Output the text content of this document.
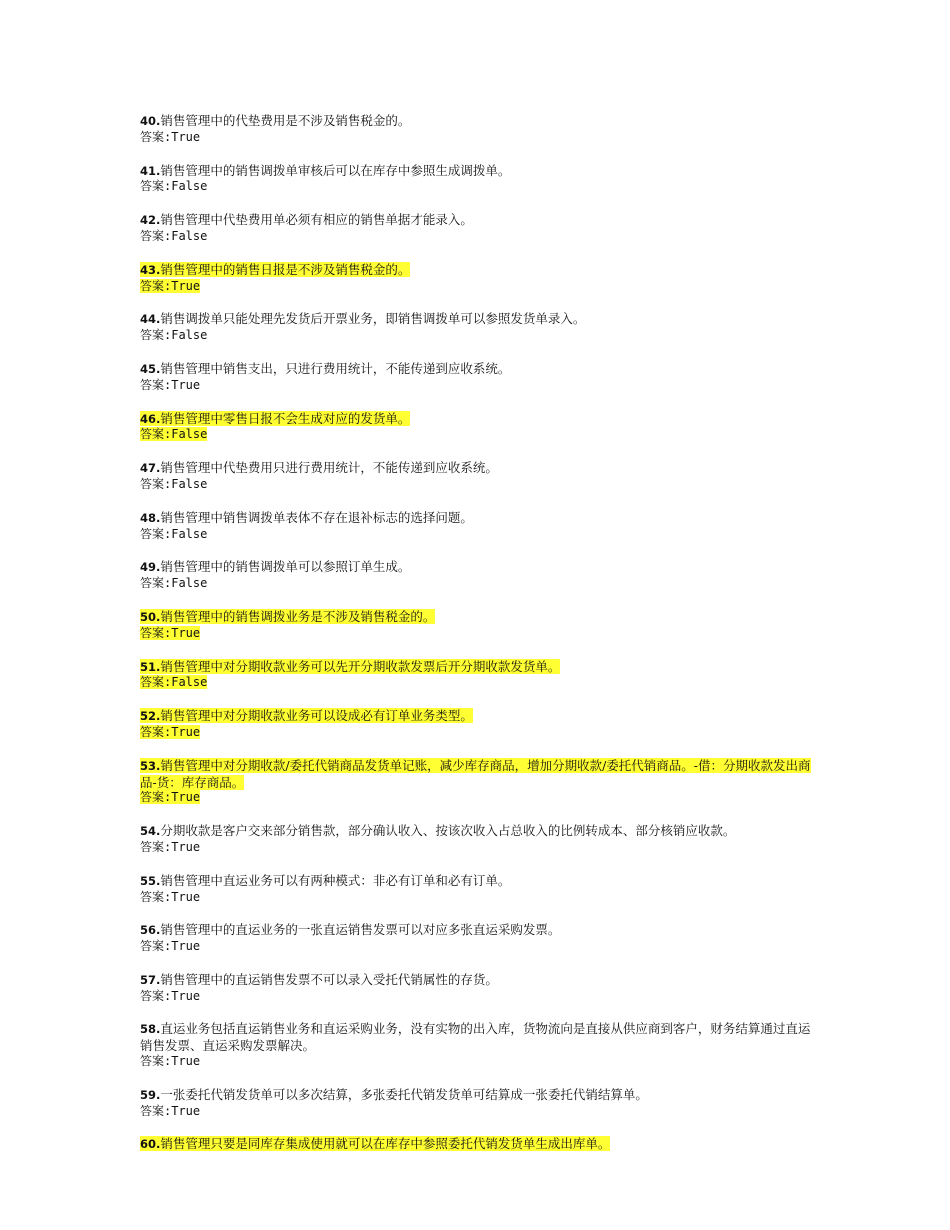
40.销售管理中的代垫费用是不涉及销售税金的。
答案:True
41.销售管理中的销售调拨单审核后可以在库存中参照生成调拨单。
答案:False
42.销售管理中代垫费用单必须有相应的销售单据才能录入。
答案:False
43.销售管理中的销售日报是不涉及销售税金的。
答案:True
44.销售调拨单只能处理先发货后开票业务，即销售调拨单可以参照发货单录入。
答案:False
45.销售管理中销售支出，只进行费用统计，不能传递到应收系统。
答案:True
46.销售管理中零售日报不会生成对应的发货单。
答案:False
47.销售管理中代垫费用只进行费用统计，不能传递到应收系统。
答案:False
48.销售管理中销售调拨单表体不存在退补标志的选择问题。
答案:False
49.销售管理中的销售调拨单可以参照订单生成。
答案:False
50.销售管理中的销售调拨业务是不涉及销售税金的。
答案:True
51.销售管理中对分期收款业务可以先开分期收款发票后开分期收款发货单。
答案:False
52.销售管理中对分期收款业务可以设成必有订单业务类型。
答案:True
53.销售管理中对分期收款/委托代销商品发货单记账，减少库存商品，增加分期收款/委托代销商品。-借：分期收款发出商品-货：库存商品。
答案:True
54.分期收款是客户交来部分销售款，部分确认收入、按该次收入占总收入的比例转成本、部分核销应收款。
答案:True
55.销售管理中直运业务可以有两种模式：非必有订单和必有订单。
答案:True
56.销售管理中的直运业务的一张直运销售发票可以对应多张直运采购发票。
答案:True
57.销售管理中的直运销售发票不可以录入受托代销属性的存货。
答案:True
58.直运业务包括直运销售业务和直运采购业务，没有实物的出入库，货物流向是直接从供应商到客户，财务结算通过直运销售发票、直运采购发票解决。
答案:True
59.一张委托代销发货单可以多次结算，多张委托代销发货单可结算成一张委托代销结算单。
答案:True
60.销售管理只要是同库存集成使用就可以在库存中参照委托代销发货单生成出库单。
